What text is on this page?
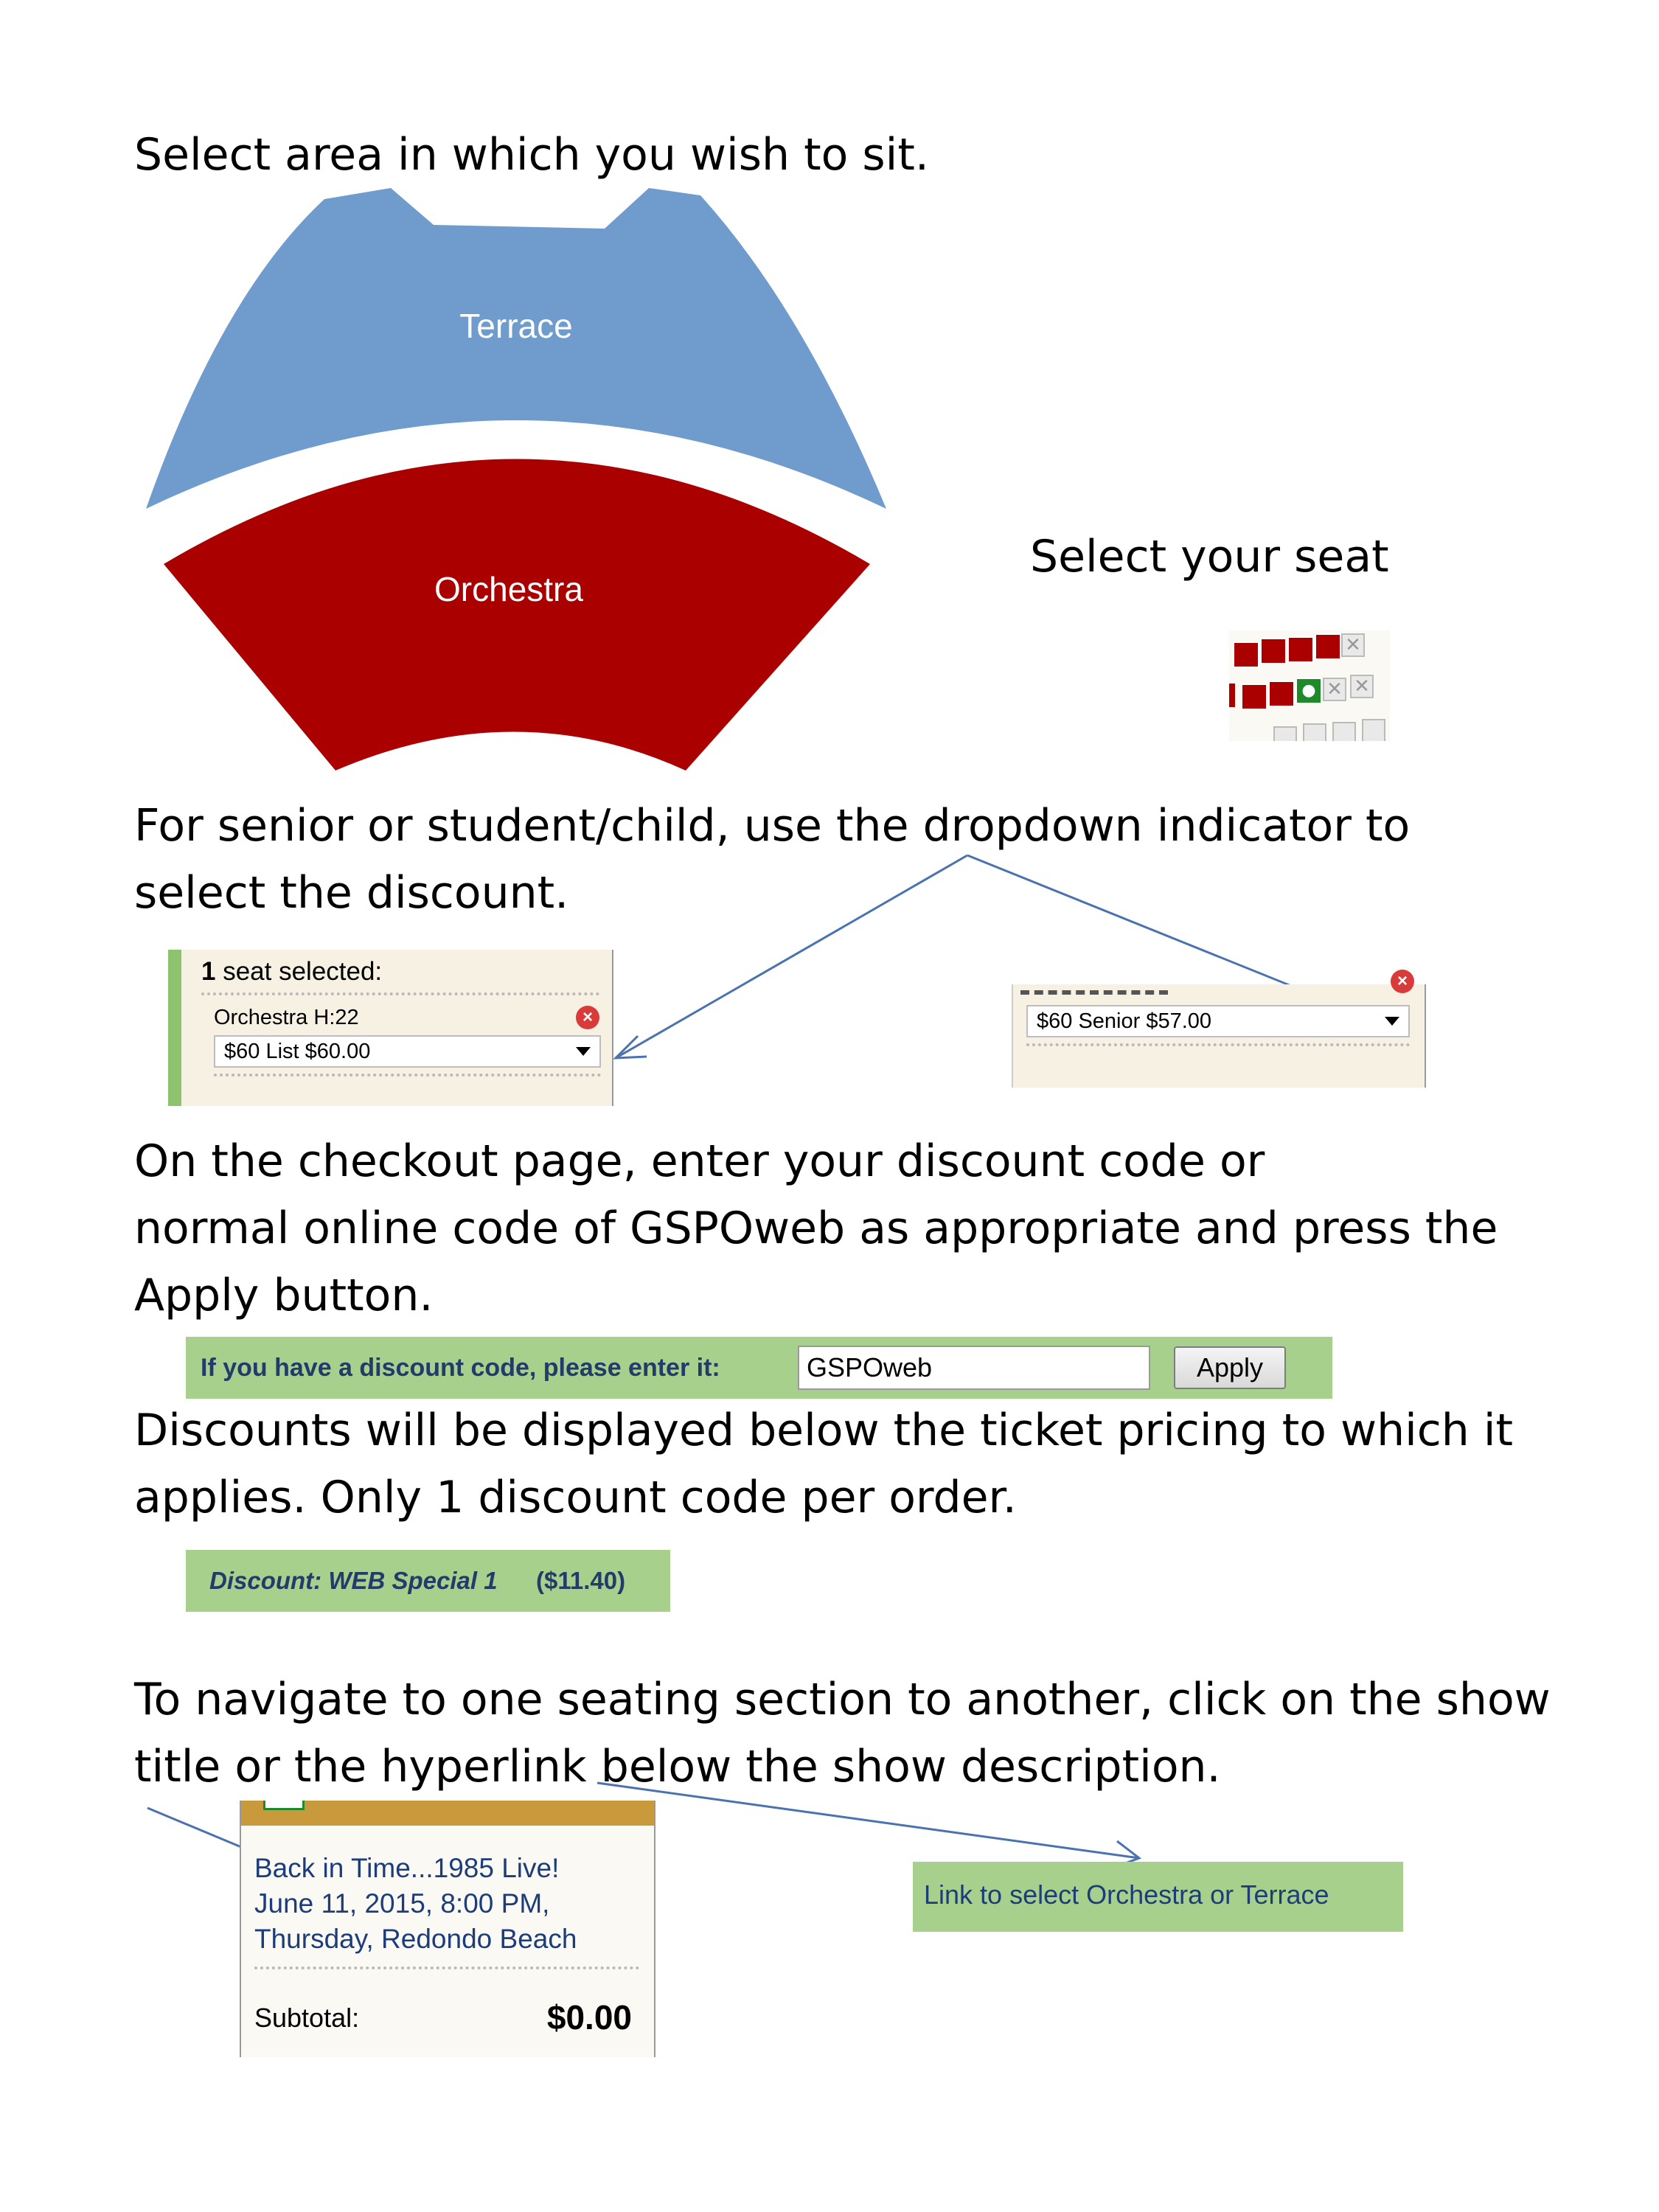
Select area in which you wish to sit.
Select your seat
For senior or student/child, use the dropdown indicator to
select the discount.
On the checkout page, enter your discount code or
normal online code of GSPOweb as appropriate and press the
Apply button.
Discounts will be displayed below the ticket pricing to which it
applies. Only 1 discount code per order.
To navigate to one seating section to another, click on the show
title or the hyperlink below the show description.
Terrace
Orchestra
✕
● ✕ ✕
1 seat selected:
Orchestra H:22	×
$60 List $60.00
×
$60 Senior $57.00
If you have a discount code, please enter it:	GSPOweb	Apply
Discount: WEB Special 1 ($11.40)
Back in Time...1985 Live!
June 11, 2015, 8:00 PM,
Thursday, Redondo Beach
Subtotal:	$0.00
Link to select Orchestra or Terrace
